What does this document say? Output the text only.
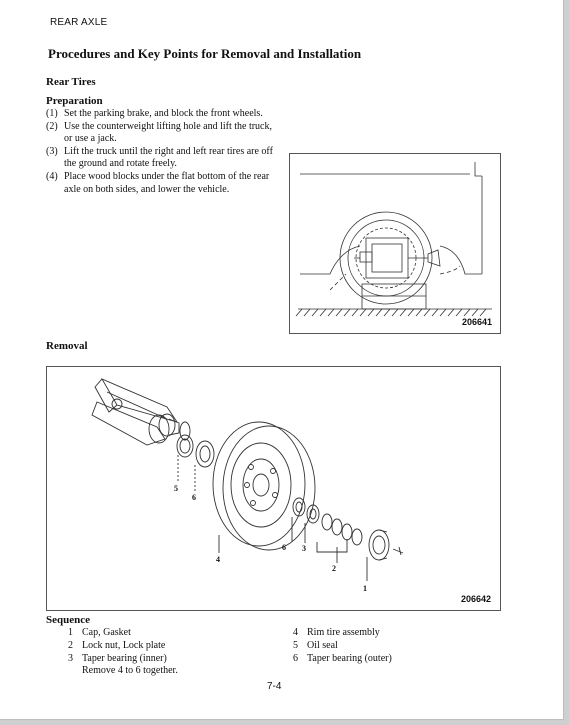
REAR AXLE
Procedures and Key Points for Removal and Installation
Rear Tires
Preparation
(1) Set the parking brake, and block the front wheels.
(2) Use the counterweight lifting hole and lift the truck, or use a jack.
(3) Lift the truck until the right and left rear tires are off the ground and rotate freely.
(4) Place wood blocks under the flat bottom of the rear axle on both sides, and lower the vehicle.
206641
Removal
5
6
4
6 3
2
1
206642
Sequence
1 Cap, Gasket
2 Lock nut, Lock plate
3 Taper bearing (inner)
Remove 4 to 6 together.
4 Rim tire assembly
5 Oil seal
6 Taper bearing (outer)
7-4
